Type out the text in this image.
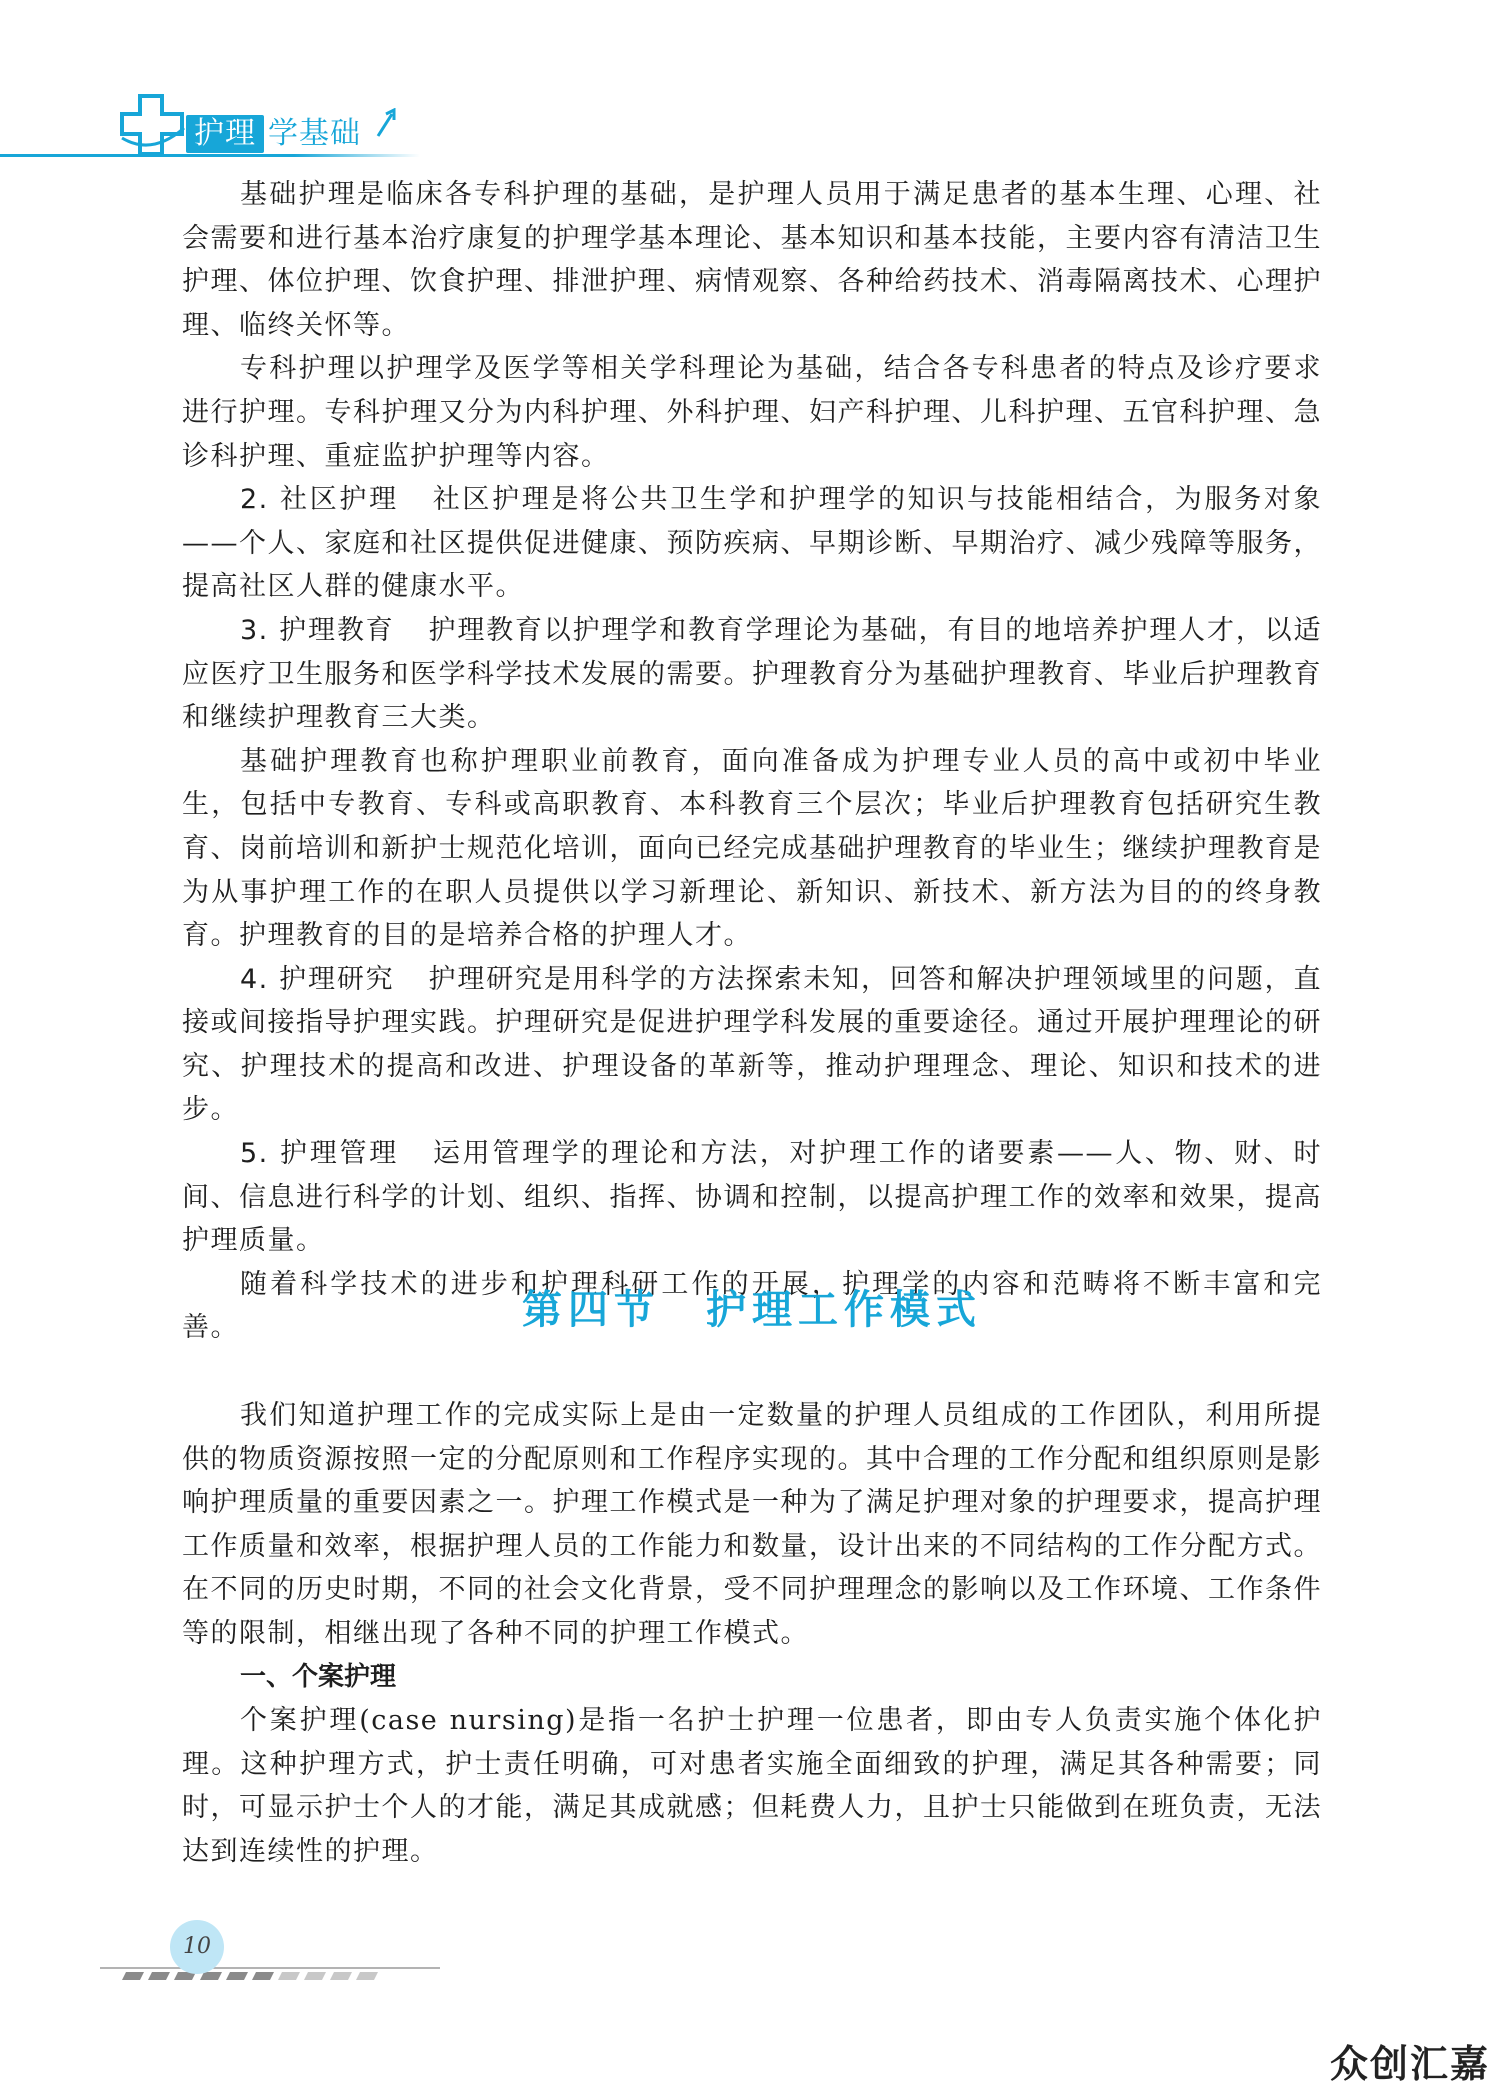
护理 学基础

基础护理是临床各专科护理的基础，是护理人员用于满足患者的基本生理、心理、社会需要和进行基本治疗康复的护理学基本理论、基本知识和基本技能，主要内容有清洁卫生护理、体位护理、饮食护理、排泄护理、病情观察、各种给药技术、消毒隔离技术、心理护理、临终关怀等。

专科护理以护理学及医学等相关学科理论为基础，结合各专科患者的特点及诊疗要求进行护理。专科护理又分为内科护理、外科护理、妇产科护理、儿科护理、五官科护理、急诊科护理、重症监护护理等内容。

2. 社区护理 社区护理是将公共卫生学和护理学的知识与技能相结合，为服务对象——个人、家庭和社区提供促进健康、预防疾病、早期诊断、早期治疗、减少残障等服务，提高社区人群的健康水平。

3. 护理教育 护理教育以护理学和教育学理论为基础，有目的地培养护理人才，以适应医疗卫生服务和医学科学技术发展的需要。护理教育分为基础护理教育、毕业后护理教育和继续护理教育三大类。

基础护理教育也称护理职业前教育，面向准备成为护理专业人员的高中或初中毕业生，包括中专教育、专科或高职教育、本科教育三个层次；毕业后护理教育包括研究生教育、岗前培训和新护士规范化培训，面向已经完成基础护理教育的毕业生；继续护理教育是为从事护理工作的在职人员提供以学习新理论、新知识、新技术、新方法为目的的终身教育。护理教育的目的是培养合格的护理人才。

4. 护理研究 护理研究是用科学的方法探索未知，回答和解决护理领域里的问题，直接或间接指导护理实践。护理研究是促进护理学科发展的重要途径。通过开展护理理论的研究、护理技术的提高和改进、护理设备的革新等，推动护理理念、理论、知识和技术的进步。

5. 护理管理 运用管理学的理论和方法，对护理工作的诸要素——人、物、财、时间、信息进行科学的计划、组织、指挥、协调和控制，以提高护理工作的效率和效果，提高护理质量。

随着科学技术的进步和护理科研工作的开展，护理学的内容和范畴将不断丰富和完善。	第四节 护理工作模式

我们知道护理工作的完成实际上是由一定数量的护理人员组成的工作团队，利用所提供的物质资源按照一定的分配原则和工作程序实现的。其中合理的工作分配和组织原则是影响护理质量的重要因素之一。护理工作模式是一种为了满足护理对象的护理要求，提高护理工作质量和效率，根据护理人员的工作能力和数量，设计出来的不同结构的工作分配方式。在不同的历史时期，不同的社会文化背景，受不同护理理念的影响以及工作环境、工作条件等的限制，相继出现了各种不同的护理工作模式。

一、个案护理

个案护理(case nursing)是指一名护士护理一位患者，即由专人负责实施个体化护理。这种护理方式，护士责任明确，可对患者实施全面细致的护理，满足其各种需要；同时，可显示护士个人的才能，满足其成就感；但耗费人力，且护士只能做到在班负责，无法达到连续性的护理。

10
众创汇嘉
